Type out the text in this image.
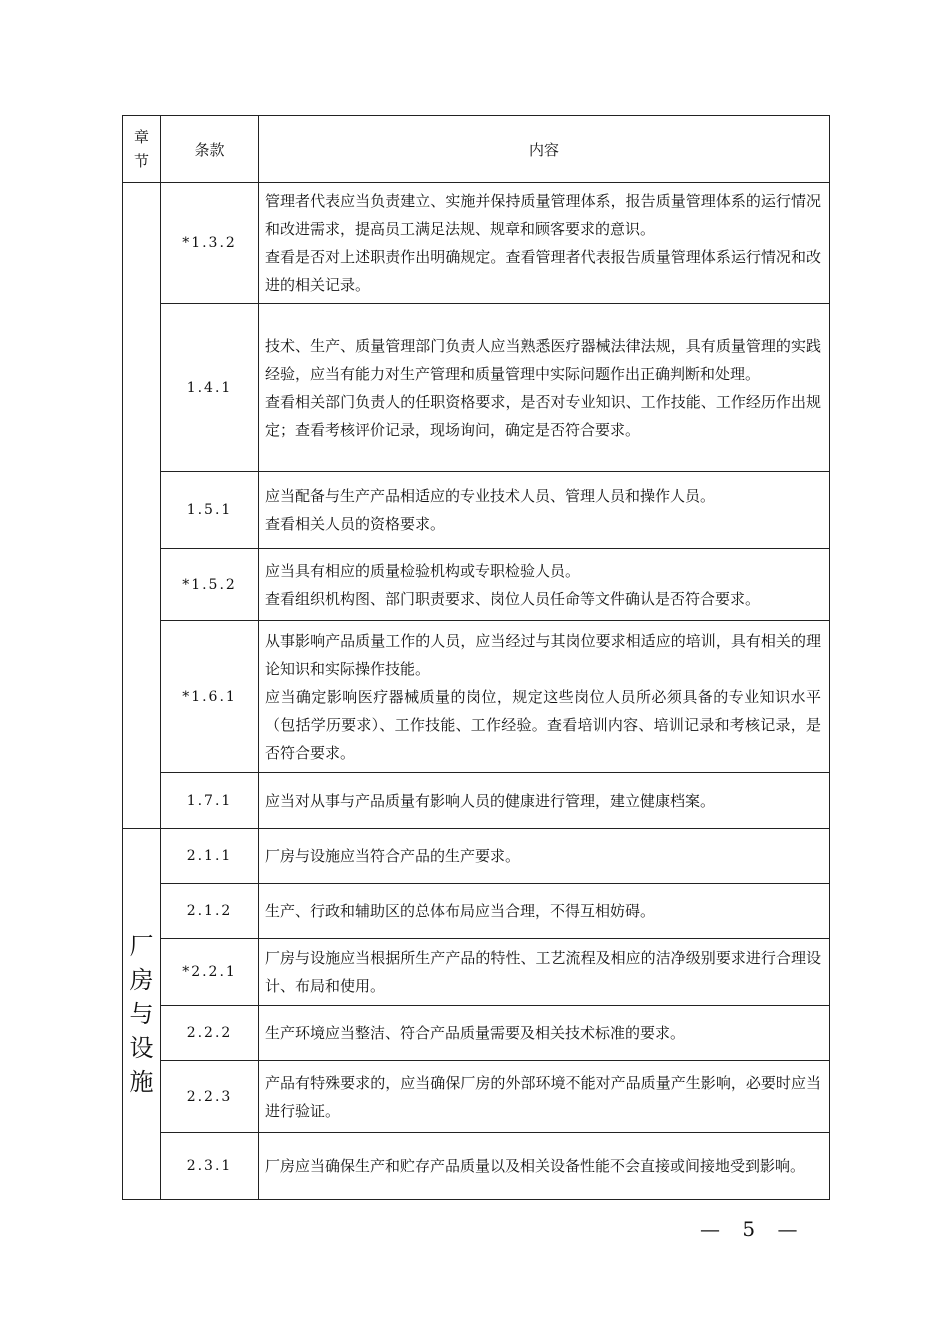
章节	条款	内容
	*1.3.2	管理者代表应当负责建立、实施并保持质量管理体系，报告质量管理体系的运行情况和改进需求，提高员工满足法规、规章和顾客要求的意识。
查看是否对上述职责作出明确规定。查看管理者代表报告质量管理体系运行情况和改进的相关记录。

	1.4.1	技术、生产、质量管理部门负责人应当熟悉医疗器械法律法规，具有质量管理的实践经验，应当有能力对生产管理和质量管理中实际问题作出正确判断和处理。
查看相关部门负责人的任职资格要求，是否对专业知识、工作技能、工作经历作出规定；查看考核评价记录，现场询问，确定是否符合要求。

	1.5.1	应当配备与生产产品相适应的专业技术人员、管理人员和操作人员。
查看相关人员的资格要求。

	*1.5.2	应当具有相应的质量检验机构或专职检验人员。
查看组织机构图、部门职责要求、岗位人员任命等文件确认是否符合要求。

	*1.6.1	从事影响产品质量工作的人员，应当经过与其岗位要求相适应的培训，具有相关的理论知识和实际操作技能。
应当确定影响医疗器械质量的岗位，规定这些岗位人员所必须具备的专业知识水平（包括学历要求）、工作技能、工作经验。查看培训内容、培训记录和考核记录，是否符合要求。

	1.7.1	应当对从事与产品质量有影响人员的健康进行管理，建立健康档案。

厂房与设施	2.1.1	厂房与设施应当符合产品的生产要求。

	2.1.2	生产、行政和辅助区的总体布局应当合理，不得互相妨碍。

	*2.2.1	厂房与设施应当根据所生产产品的特性、工艺流程及相应的洁净级别要求进行合理设计、布局和使用。

	2.2.2	生产环境应当整洁、符合产品质量需要及相关技术标准的要求。

	2.2.3	产品有特殊要求的，应当确保厂房的外部环境不能对产品质量产生影响，必要时应当进行验证。

	2.3.1	厂房应当确保生产和贮存产品质量以及相关设备性能不会直接或间接地受到影响。
— 5 —
